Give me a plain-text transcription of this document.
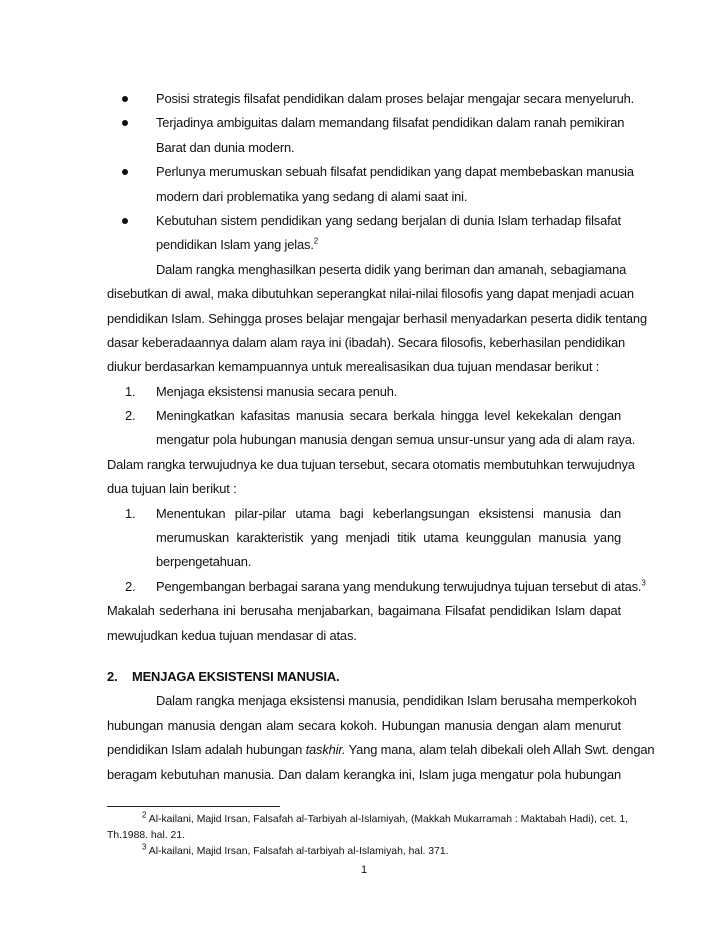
Posisi strategis filsafat pendidikan dalam proses belajar mengajar secara menyeluruh.
Terjadinya ambiguitas dalam memandang filsafat pendidikan dalam ranah pemikiran
Barat dan dunia modern.
Perlunya merumuskan sebuah filsafat pendidikan yang dapat membebaskan manusia
modern dari problematika yang sedang di alami saat ini.
Kebutuhan sistem pendidikan yang sedang berjalan di dunia Islam terhadap filsafat
pendidikan Islam yang jelas.$^2$
Dalam rangka menghasilkan peserta didik yang beriman dan amanah, sebagiamana
disebutkan di awal, maka dibutuhkan seperangkat nilai-nilai filosofis yang dapat menjadi acuan
pendidikan Islam. Sehingga proses belajar mengajar berhasil menyadarkan peserta didik tentang
dasar keberadaannya dalam alam raya ini (ibadah). Secara filosofis, keberhasilan pendidikan
diukur berdasarkan kemampuannya untuk merealisasikan dua tujuan mendasar berikut :
1.	Menjaga eksistensi manusia secara penuh.
2.	Meningkatkan kafasitas manusia secara berkala hingga level kekekalan dengan
mengatur pola hubungan manusia dengan semua unsur-unsur yang ada di alam raya.
Dalam rangka terwujudnya ke dua tujuan tersebut, secara otomatis membutuhkan terwujudnya
dua tujuan lain berikut :
1.	Menentukan pilar-pilar utama bagi keberlangsungan eksistensi manusia dan
merumuskan karakteristik yang menjadi titik utama keunggulan manusia yang
berpengetahuan.
2.	Pengembangan berbagai sarana yang mendukung terwujudnya tujuan tersebut di atas.$^3$
Makalah sederhana ini berusaha menjabarkan, bagaimana Filsafat pendidikan Islam dapat
mewujudkan kedua tujuan mendasar di atas.
2. MENJAGA EKSISTENSI MANUSIA.
Dalam rangka menjaga eksistensi manusia, pendidikan Islam berusaha memperkokoh
hubungan manusia dengan alam secara kokoh. Hubungan manusia dengan alam menurut
pendidikan Islam adalah hubungan taskhir. Yang mana, alam telah dibekali oleh Allah Swt. dengan
beragam kebutuhan manusia. Dan dalam kerangka ini, Islam juga mengatur pola hubungan
$^2$ Al-kailani, Majid Irsan, Falsafah al-Tarbiyah al-Islamiyah, (Makkah Mukarramah : Maktabah Hadi), cet. 1,
Th.1988. hal. 21.
$^3$ Al-kailani, Majid Irsan, Falsafah al-tarbiyah al-Islamiyah, hal. 371.
1
